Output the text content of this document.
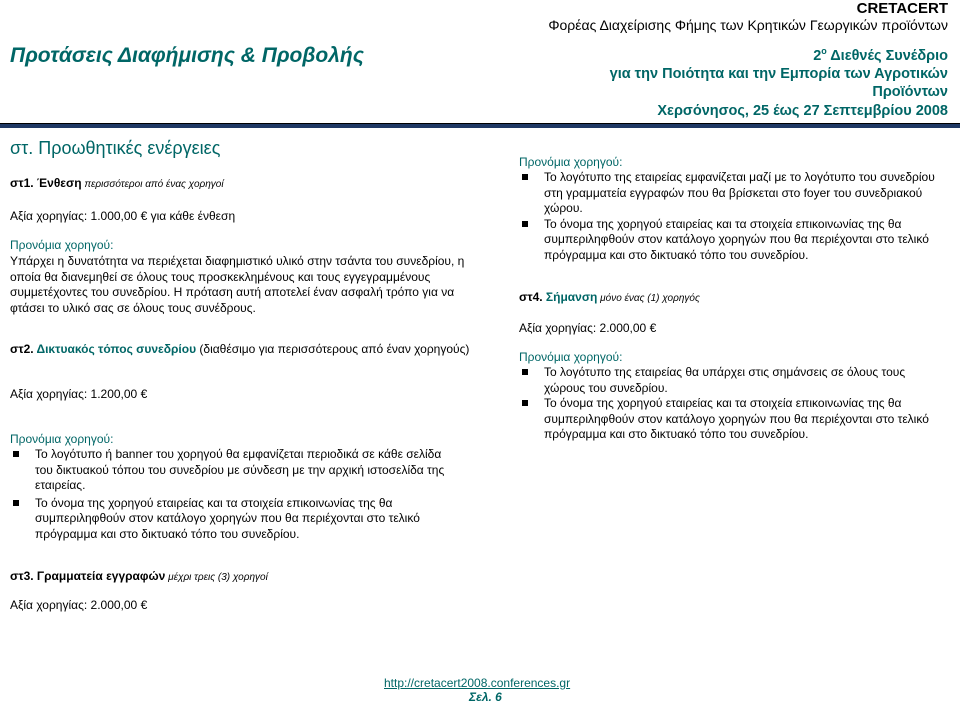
Προτάσεις Διαφήμισης & Προβολής
CRETACERT
Φορέας Διαχείρισης Φήμης των Κρητικών Γεωργικών προϊόντων
$2^o$ Διεθνές Συνέδριο
για την Ποιότητα και την Εμπορία των Αγροτικών
Προϊόντων
Χερσόνησος, 25 έως 27 Σεπτεμβρίου 2008
στ. Προωθητικές ενέργειες
στ1. Ένθεση περισσότεροι από ένας χορηγοί
Αξία χορηγίας: 1.000,00 € για κάθε ένθεση
Προνόμια χορηγού:
Υπάρχει η δυνατότητα να περιέχεται διαφημιστικό υλικό στην τσάντα του συνεδρίου, η οποία θα διανεμηθεί σε όλους τους προσκεκλημένους και τους εγγεγραμμένους συμμετέχοντες του συνεδρίου. Η πρόταση αυτή αποτελεί έναν ασφαλή τρόπο για να φτάσει το υλικό σας σε όλους τους συνέδρους.
στ2. Δικτυακός τόπος συνεδρίου (διαθέσιμο για περισσότερους από έναν χορηγούς)
Αξία χορηγίας: 1.200,00 €
Προνόμια χορηγού:
Το λογότυπο ή banner του χορηγού θα εμφανίζεται περιοδικά σε κάθε σελίδα του δικτυακού τόπου του συνεδρίου με σύνδεση με την αρχική ιστοσελίδα της εταιρείας.
Το όνομα της χορηγού εταιρείας και τα στοιχεία επικοινωνίας της θα συμπεριληφθούν στον κατάλογο χορηγών που θα περιέχονται στο τελικό πρόγραμμα και στο δικτυακό τόπο του συνεδρίου.
στ3. Γραμματεία εγγραφών μέχρι τρεις (3) χορηγοί
Αξία χορηγίας: 2.000,00 €
Προνόμια χορηγού:
Το λογότυπο της εταιρείας εμφανίζεται μαζί με το λογότυπο του συνεδρίου στη γραμματεία εγγραφών που θα βρίσκεται στο foyer του συνεδριακού χώρου.
Το όνομα της χορηγού εταιρείας και τα στοιχεία επικοινωνίας της θα συμπεριληφθούν στον κατάλογο χορηγών που θα περιέχονται στο τελικό πρόγραμμα και στο δικτυακό τόπο του συνεδρίου.
στ4. Σήμανση μόνο ένας (1) χορηγός
Αξία χορηγίας: 2.000,00 €
Προνόμια χορηγού:
Το λογότυπο της εταιρείας θα υπάρχει στις σημάνσεις σε όλους τους χώρους του συνεδρίου.
Το όνομα της χορηγού εταιρείας και τα στοιχεία επικοινωνίας της θα συμπεριληφθούν στον κατάλογο χορηγών που θα περιέχονται στο τελικό πρόγραμμα και στο δικτυακό τόπο του συνεδρίου.
http://cretacert2008.conferences.gr
Σελ. 6
